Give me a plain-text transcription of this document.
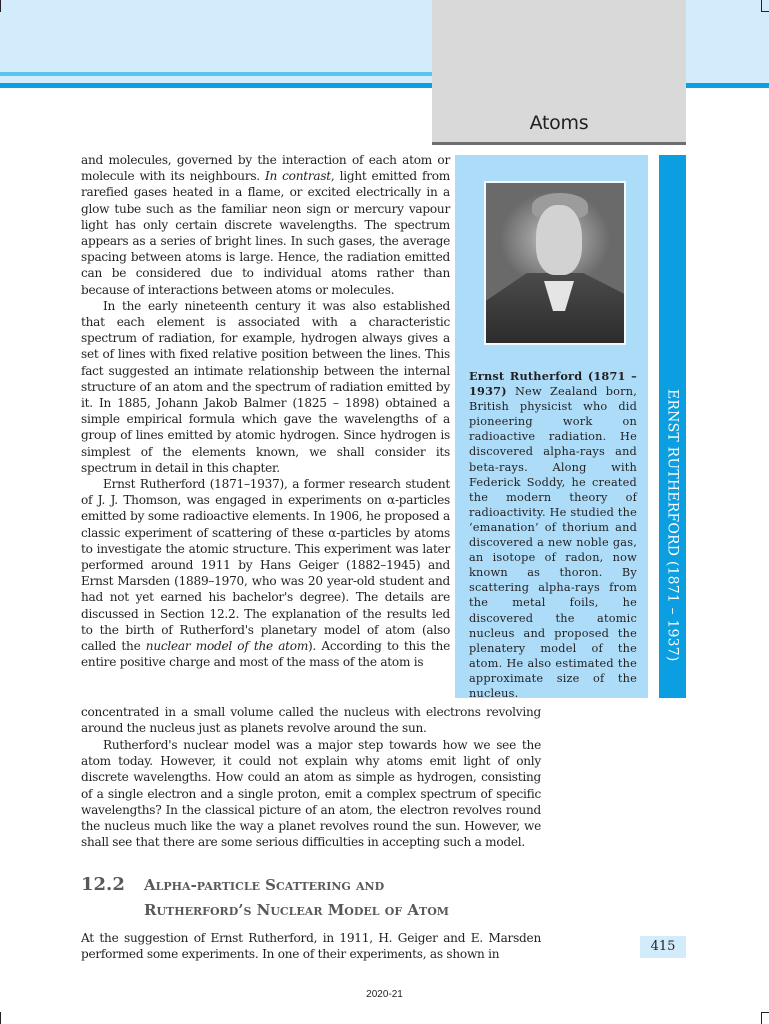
Atoms

and molecules, governed by the interaction of each atom or molecule with its neighbours. In contrast, light emitted from rarefied gases heated in a flame, or excited electrically in a glow tube such as the familiar neon sign or mercury vapour light has only certain discrete wavelengths. The spectrum appears as a series of bright lines. In such gases, the average spacing between atoms is large. Hence, the radiation emitted can be considered due to individual atoms rather than because of interactions between atoms or molecules.

In the early nineteenth century it was also established that each element is associated with a characteristic spectrum of radiation, for example, hydrogen always gives a set of lines with fixed relative position between the lines. This fact suggested an intimate relationship between the internal structure of an atom and the spectrum of radiation emitted by it. In 1885, Johann Jakob Balmer (1825 – 1898) obtained a simple empirical formula which gave the wavelengths of a group of lines emitted by atomic hydrogen. Since hydrogen is simplest of the elements known, we shall consider its spectrum in detail in this chapter.

Ernst Rutherford (1871–1937), a former research student of J. J. Thomson, was engaged in experiments on α-particles emitted by some radioactive elements. In 1906, he proposed a classic experiment of scattering of these α-particles by atoms to investigate the atomic structure. This experiment was later performed around 1911 by Hans Geiger (1882–1945) and Ernst Marsden (1889–1970, who was 20 year-old student and had not yet earned his bachelor's degree). The details are discussed in Section 12.2. The explanation of the results led to the birth of Rutherford's planetary model of atom (also called the nuclear model of the atom). According to this the entire positive charge and most of the mass of the atom is

concentrated in a small volume called the nucleus with electrons revolving around the nucleus just as planets revolve around the sun.
Rutherford's nuclear model was a major step towards how we see the atom today. However, it could not explain why atoms emit light of only discrete wavelengths. How could an atom as simple as hydrogen, consisting of a single electron and a single proton, emit a complex spectrum of specific wavelengths? In the classical picture of an atom, the electron revolves round the nucleus much like the way a planet revolves round the sun. However, we shall see that there are some serious difficulties in accepting such a model.
Ernst Rutherford (1871 – 1937) New Zealand born, British physicist who did pioneering work on radioactive radiation. He discovered alpha-rays and beta-rays. Along with Federick Soddy, he created the modern theory of radioactivity. He studied the ‘emanation’ of thorium and discovered a new noble gas, an isotope of radon, now known as thoron. By scattering alpha-rays from the metal foils, he discovered the atomic nucleus and proposed the plenatery model of the atom. He also estimated the approximate size of the nucleus.
ERNST RUTHERFORD (1871 – 1937)
12.2 Alpha-particle Scattering and
Rutherford’s Nuclear Model of Atom
At the suggestion of Ernst Rutherford, in 1911, H. Geiger and E. Marsden performed some experiments. In one of their experiments, as shown in
415
2020-21
